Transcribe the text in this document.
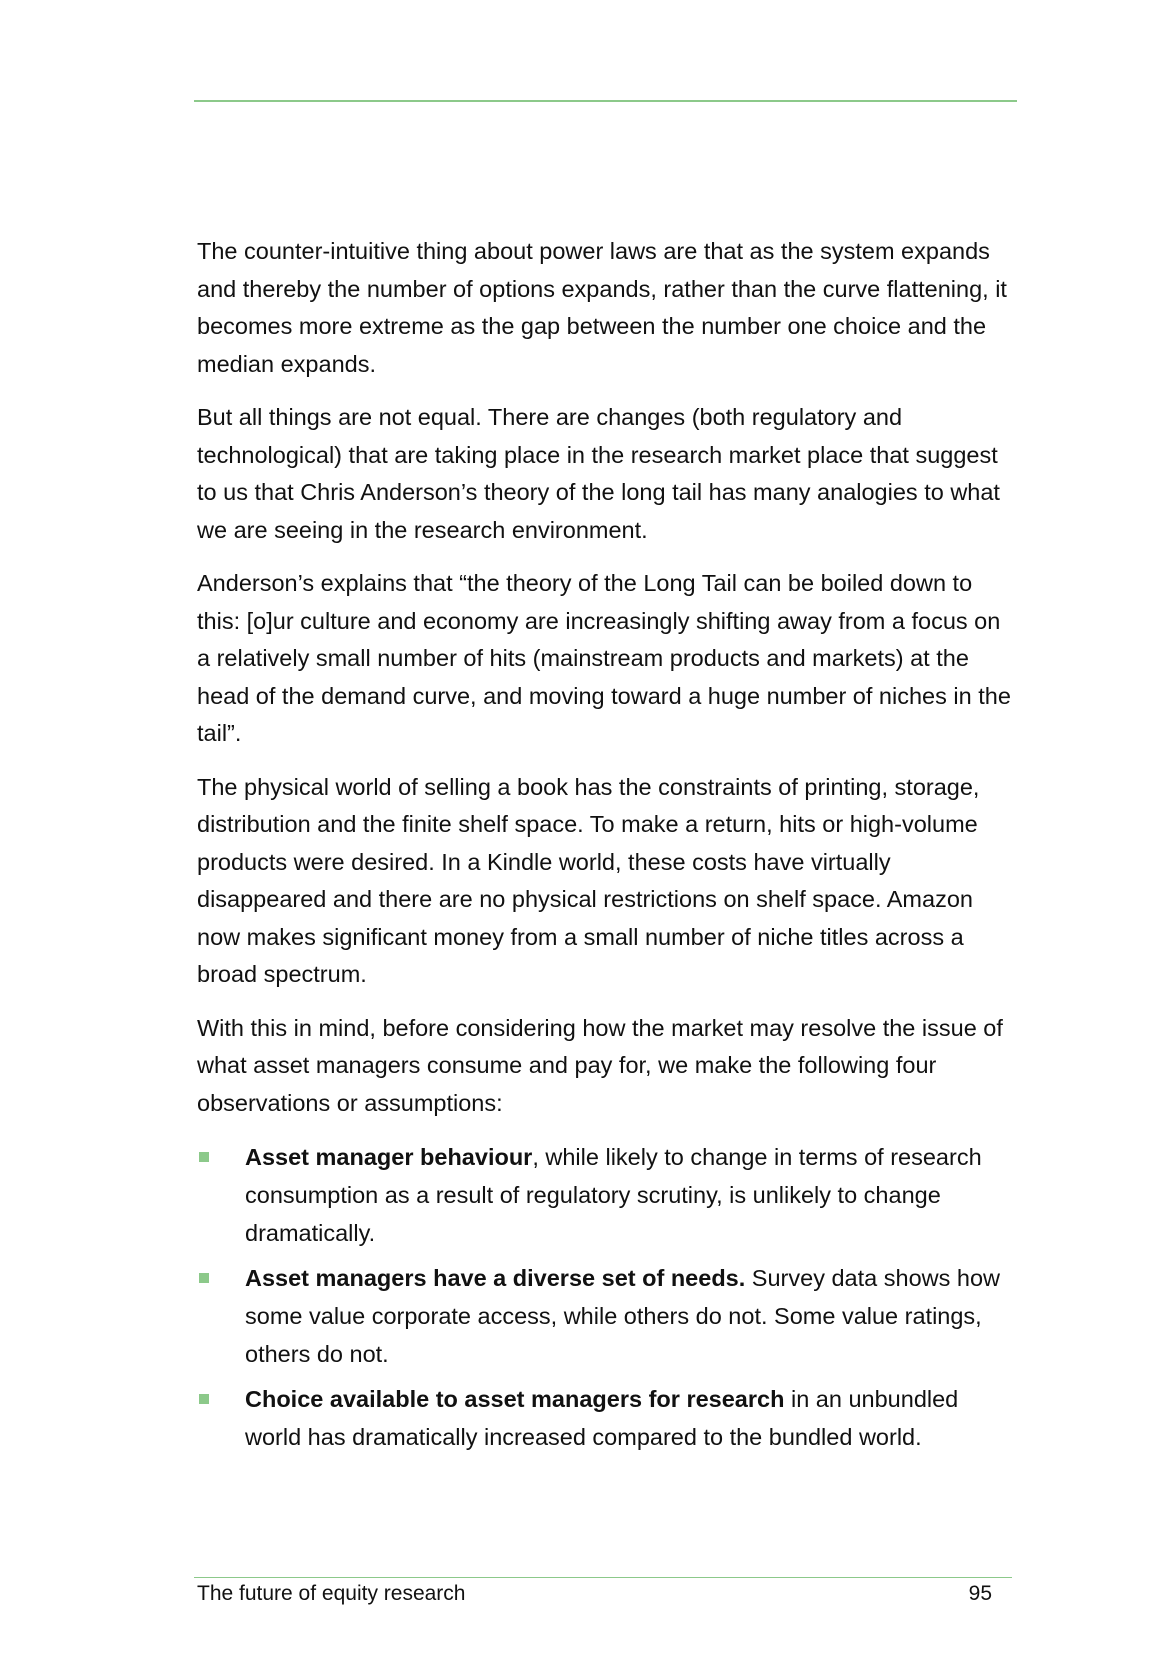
The counter-intuitive thing about power laws are that as the system expands and thereby the number of options expands, rather than the curve flattening, it becomes more extreme as the gap between the number one choice and the median expands.

But all things are not equal. There are changes (both regulatory and technological) that are taking place in the research market place that suggest to us that Chris Anderson’s theory of the long tail has many analogies to what we are seeing in the research environment.

Anderson’s explains that “the theory of the Long Tail can be boiled down to this: [o]ur culture and economy are increasingly shifting away from a focus on a relatively small number of hits (mainstream products and markets) at the head of the demand curve, and moving toward a huge number of niches in the tail”.

The physical world of selling a book has the constraints of printing, storage, distribution and the finite shelf space. To make a return, hits or high-volume products were desired. In a Kindle world, these costs have virtually disappeared and there are no physical restrictions on shelf space. Amazon now makes significant money from a small number of niche titles across a broad spectrum.

With this in mind, before considering how the market may resolve the issue of what asset managers consume and pay for, we make the following four observations or assumptions:

Asset manager behaviour, while likely to change in terms of research consumption as a result of regulatory scrutiny, is unlikely to change dramatically.
Asset managers have a diverse set of needs. Survey data shows how some value corporate access, while others do not. Some value ratings, others do not.
Choice available to asset managers for research in an unbundled world has dramatically increased compared to the bundled world.
The future of equity research	95
